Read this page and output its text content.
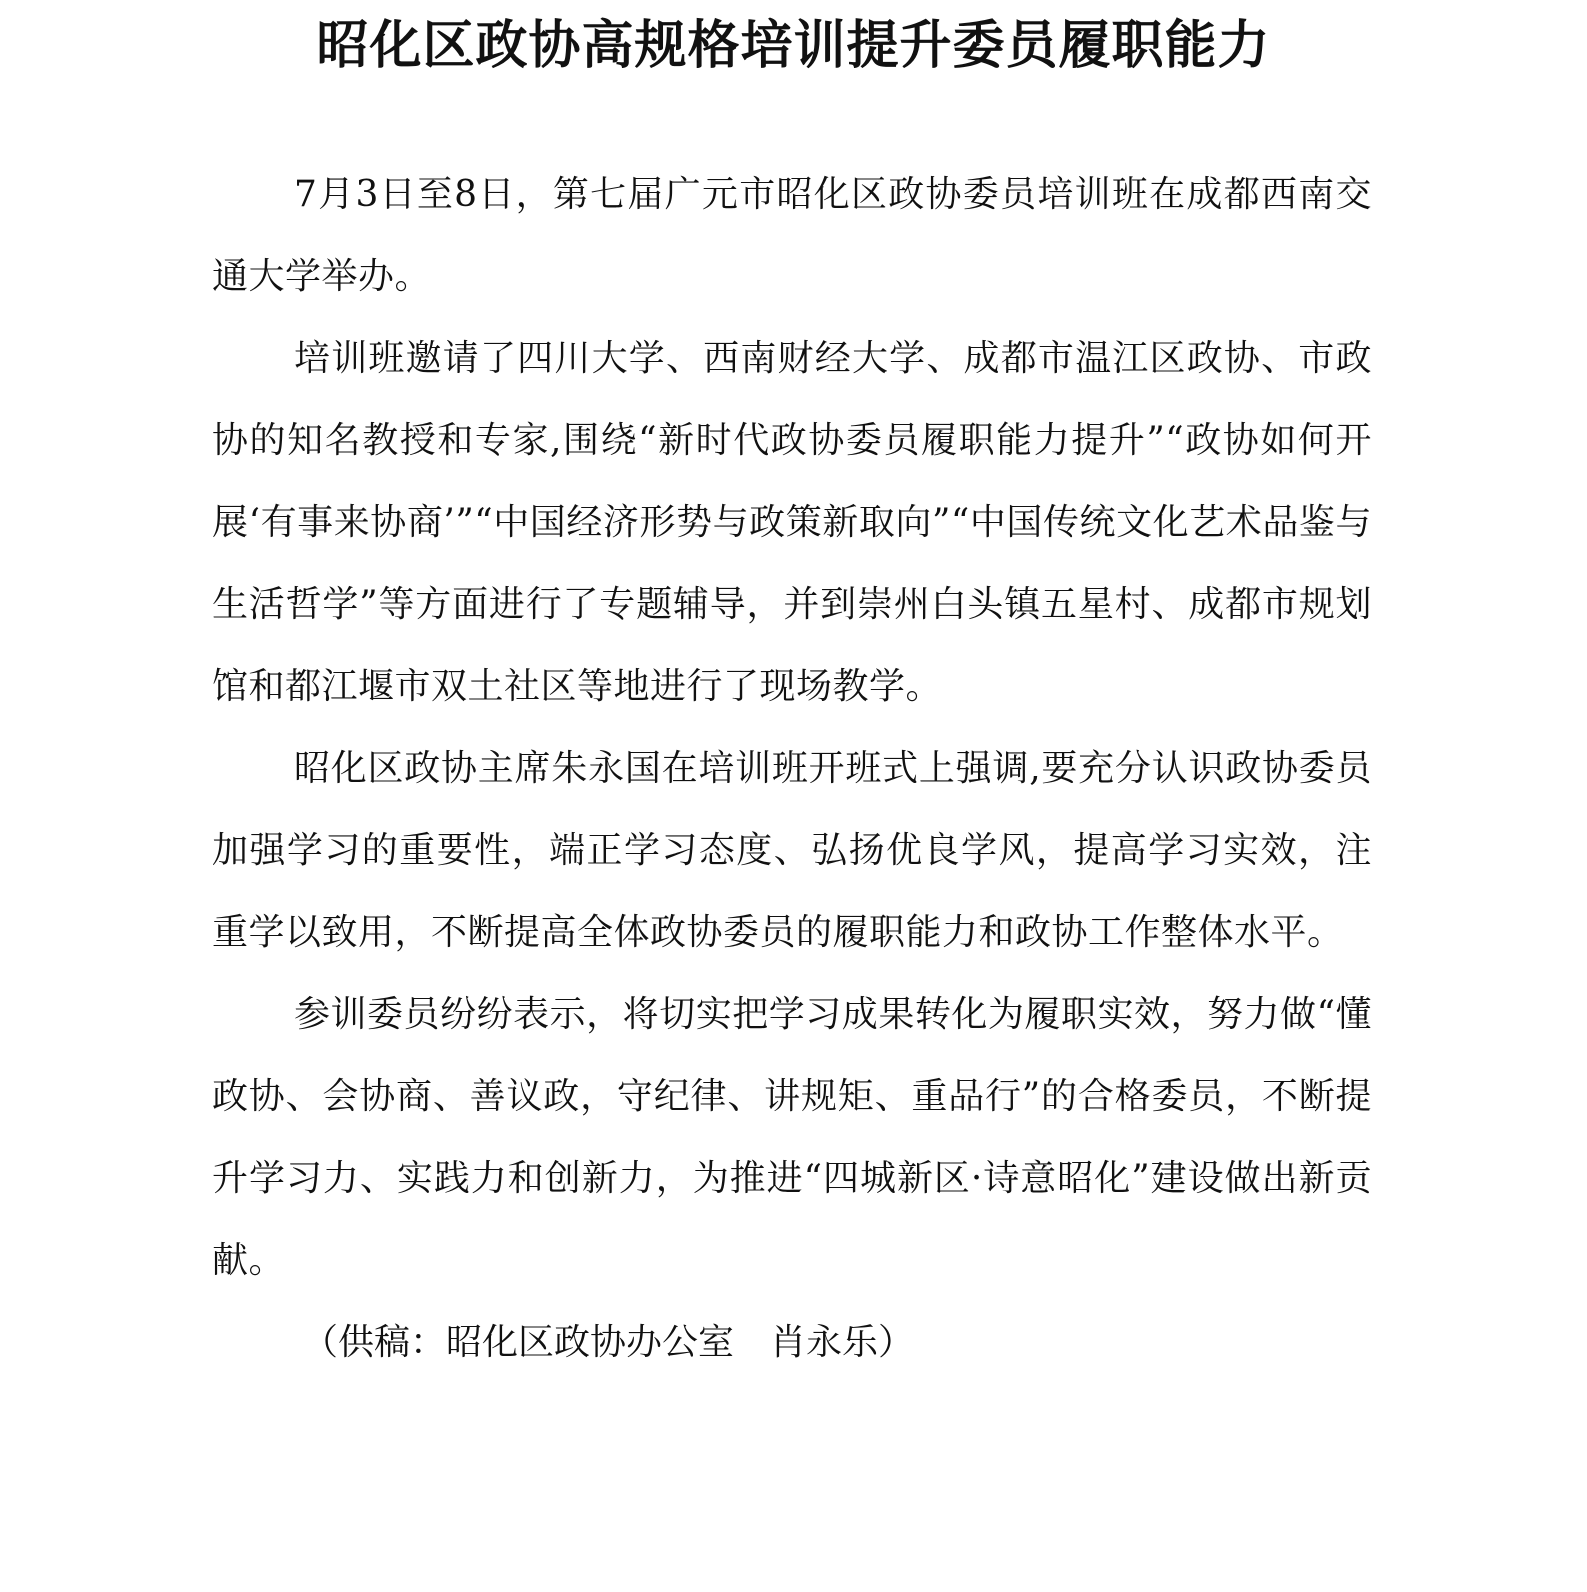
昭化区政协高规格培训提升委员履职能力

7月3日至8日，第七届广元市昭化区政协委员培训班在成都西南交通大学举办。

培训班邀请了四川大学、西南财经大学、成都市温江区政协、市政协的知名教授和专家,围绕“新时代政协委员履职能力提升”“政协如何开展‘有事来协商’”“中国经济形势与政策新取向”“中国传统文化艺术品鉴与生活哲学”等方面进行了专题辅导，并到崇州白头镇五星村、成都市规划馆和都江堰市双土社区等地进行了现场教学。

昭化区政协主席朱永国在培训班开班式上强调,要充分认识政协委员加强学习的重要性，端正学习态度、弘扬优良学风，提高学习实效，注重学以致用，不断提高全体政协委员的履职能力和政协工作整体水平。

参训委员纷纷表示，将切实把学习成果转化为履职实效，努力做“懂政协、会协商、善议政，守纪律、讲规矩、重品行”的合格委员，不断提升学习力、实践力和创新力，为推进“四城新区·诗意昭化”建设做出新贡献。

（供稿：昭化区政协办公室　肖永乐）
